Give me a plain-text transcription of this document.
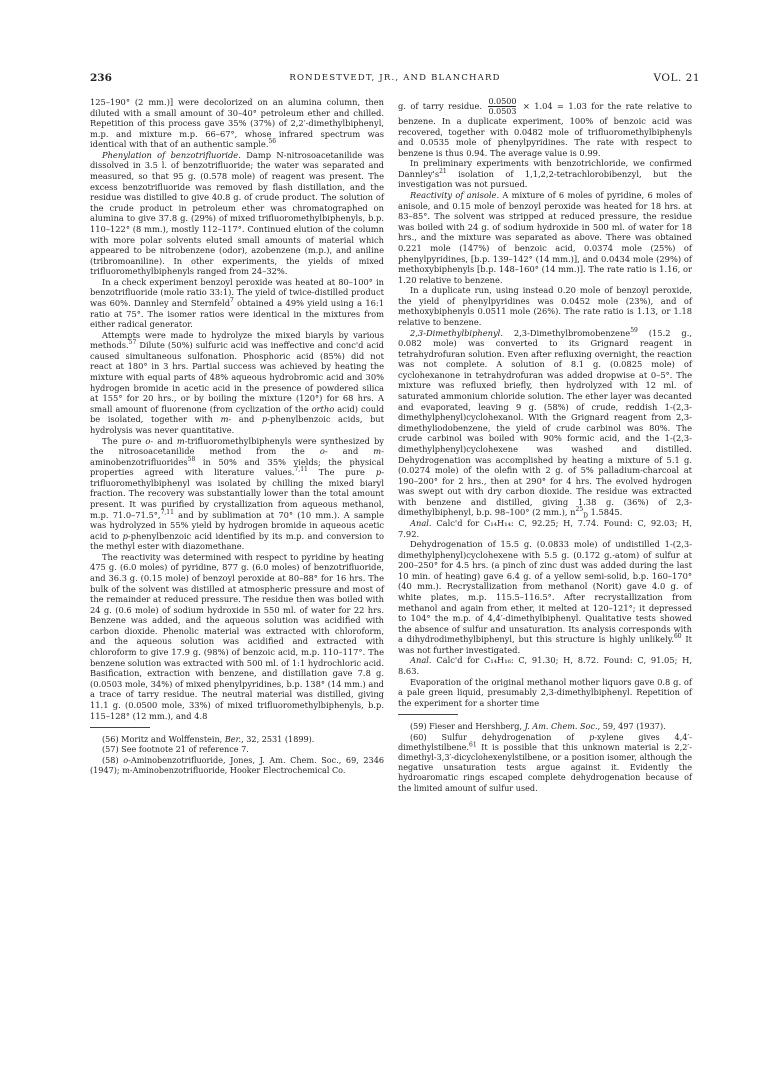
236	RONDESTVEDT, JR., AND BLANCHARD	VOL. 21

125–190° (2 mm.)] were decolorized on an alumina column, then diluted with a small amount of 30–40° petroleum ether and chilled. Repetition of this process gave 35% (37%) of 2,2′-dimethylbiphenyl, m.p. and mixture m.p. 66–67°, whose infrared spectrum was identical with that of an authentic sample.$^{56}$

Phenylation of benzotrifluoride. Damp N-nitrosoacetanilide was dissolved in 3.5 l. of benzotrifluoride; the water was separated and measured, so that 95 g. (0.578 mole) of reagent was present. The excess benzotrifluoride was removed by flash distillation, and the residue was distilled to give 40.8 g. of crude product. The solution of the crude product in petroleum ether was chromatographed on alumina to give 37.8 g. (29%) of mixed trifluoromethylbiphenyls, b.p. 110–122° (8 mm.), mostly 112–117°. Continued elution of the column with more polar solvents eluted small amounts of material which appeared to be nitrobenzene (odor), azobenzene (m.p.), and aniline (tribromoaniline). In other experiments, the yields of mixed trifluoromethylbiphenyls ranged from 24–32%.

In a check experiment benzoyl peroxide was heated at 80–100° in benzotrifluoride (mole ratio 33:1). The yield of twice-distilled product was 60%. Dannley and Sternfeld$^7$ obtained a 49% yield using a 16:1 ratio at 75°. The isomer ratios were identical in the mixtures from either radical generator.

Attempts were made to hydrolyze the mixed biaryls by various methods.$^{57}$ Dilute (50%) sulfuric acid was ineffective and conc'd acid caused simultaneous sulfonation. Phosphoric acid (85%) did not react at 180° in 3 hrs. Partial success was achieved by heating the mixture with equal parts of 48% aqueous hydrobromic acid and 30% hydrogen bromide in acetic acid in the presence of powdered silica at 155° for 20 hrs., or by boiling the mixture (120°) for 68 hrs. A small amount of fluorenone (from cyclization of the ortho acid) could be isolated, together with m- and p-phenylbenzoic acids, but hydrolysis was never quantitative.

The pure o- and m-trifluoromethylbiphenyls were synthesized by the nitrosoacetanilide method from the o- and m-aminobenzotrifluorides$^{58}$ in 50% and 35% yields; the physical properties agreed with literature values.$^{7,11}$ The pure p-trifluoromethylbiphenyl was isolated by chilling the mixed biaryl fraction. The recovery was substantially lower than the total amount present. It was purified by crystallization from aqueous methanol, m.p. 71.0–71.5°,$^{7,11}$ and by sublimation at 70° (10 mm.). A sample was hydrolyzed in 55% yield by hydrogen bromide in aqueous acetic acid to p-phenylbenzoic acid identified by its m.p. and conversion to the methyl ester with diazomethane.

The reactivity was determined with respect to pyridine by heating 475 g. (6.0 moles) of pyridine, 877 g. (6.0 moles) of benzotrifluoride, and 36.3 g. (0.15 mole) of benzoyl peroxide at 80–88° for 16 hrs. The bulk of the solvent was distilled at atmospheric pressure and most of the remainder at reduced pressure. The residue then was boiled with 24 g. (0.6 mole) of sodium hydroxide in 550 ml. of water for 22 hrs. Benzene was added, and the aqueous solution was acidified with carbon dioxide. Phenolic material was extracted with chloroform, and the aqueous solution was acidified and extracted with chloroform to give 17.9 g. (98%) of benzoic acid, m.p. 110–117°. The benzene solution was extracted with 500 ml. of 1:1 hydrochloric acid. Basification, extraction with benzene, and distillation gave 7.8 g. (0.0503 mole, 34%) of mixed phenylpyridines, b.p. 138° (14 mm.) and a trace of tarry residue. The neutral material was distilled, giving 11.1 g. (0.0500 mole, 33%) of mixed trifluoromethylbiphenyls, b.p. 115–128° (12 mm.), and 4.8

(56) Moritz and Wolffenstein, Ber., 32, 2531 (1899).

(57) See footnote 21 of reference 7.

(58) o-Aminobenzotrifluoride, Jones, J. Am. Chem. Soc., 69, 2346 (1947); m-Aminobenzotrifluoride, Hooker Electrochemical Co.

g. of tarry residue. $\frac{0.0500}{0.0503} \times 1.04 = 1.03$ for the rate relative to benzene. In a duplicate experiment, 100% of benzoic acid was recovered, together with 0.0482 mole of trifluoromethylbiphenyls and 0.0535 mole of phenylpyridines. The rate with respect to benzene is thus 0.94. The average value is 0.99.

In preliminary experiments with benzotrichloride, we confirmed $Dannley's^{21}$ isolation of 1,1,2,2-tetrachlorobibenzyl, but the investigation was not pursued.

Reactivity of anisole. A mixture of 6 moles of pyridine, 6 moles of anisole, and 0.15 mole of benzoyl peroxide was heated for 18 hrs. at 83–85°. The solvent was stripped at reduced pressure, the residue was boiled with 24 g. of sodium hydroxide in 500 ml. of water for 18 hrs., and the mixture was separated as above. There was obtained 0.221 mole (147%) of benzoic acid, 0.0374 mole (25%) of phenylpyridines, [b.p. 139–142° (14 mm.)], and 0.0434 mole (29%) of methoxybiphenyls [b.p. 148–160° (14 mm.)]. The rate ratio is 1.16, or 1.20 relative to benzene.

In a duplicate run, using instead 0.20 mole of benzoyl peroxide, the yield of phenylpyridines was 0.0452 mole (23%), and of methoxybiphenyls 0.0511 mole (26%). The rate ratio is 1.13, or 1.18 relative to benzene.

2,3-Dimethylbiphenyl. 2,3-Dimethylbromobenzene$^{59}$ (15.2 g., 0.082 mole) was converted to its Grignard reagent in tetrahydrofuran solution. Even after refluxing overnight, the reaction was not complete. A solution of 8.1 g. (0.0825 mole) of cyclohexanone in tetrahydrofuran was added dropwise at 0–5°. The mixture was refluxed briefly, then hydrolyzed with 12 ml. of saturated ammonium chloride solution. The ether layer was decanted and evaporated, leaving 9 g. (58%) of crude, reddish 1-(2,3-dimethylphenyl)cyclohexanol. With the Grignard reagent from 2,3-dimethyliodobenzene, the yield of crude carbinol was 80%. The crude carbinol was boiled with 90% formic acid, and the 1-(2,3-dimethylphenyl)cyclohexene was washed and distilled. Dehydrogenation was accomplished by heating a mixture of 5.1 g. (0.0274 mole) of the olefin with 2 g. of 5% palladium-charcoal at 190–200° for 2 hrs., then at 290° for 4 hrs. The evolved hydrogen was swept out with dry carbon dioxide. The residue was extracted with benzene and distilled, giving 1.38 g. (36%) of 2,3-dimethylbiphenyl, b.p. 98–100° (2 mm.), $n^{25}_D$ 1.5845.

Anal. Calc'd for C₁₄H₁₄: C, 92.25; H, 7.74. Found: C, 92.03; H, 7.92.

Dehydrogenation of 15.5 g. (0.0833 mole) of undistilled 1-(2,3-dimethylphenyl)cyclohexene with 5.5 g. (0.172 g.-atom) of sulfur at 200–250° for 4.5 hrs. (a pinch of zinc dust was added during the last 10 min. of heating) gave 6.4 g. of a yellow semi-solid, b.p. 160–170° (40 mm.). Recrystallization from methanol (Norit) gave 4.0 g. of white plates, m.p. 115.5–116.5°. After recrystallization from methanol and again from ether, it melted at 120–121°; it depressed to 104° the m.p. of 4,4′-dimethylbiphenyl. Qualitative tests showed the absence of sulfur and unsaturation. Its analysis corresponds with a dihydrodimethylbiphenyl, but this structure is highly unlikely.$^{60}$ It was not further investigated.

Anal. Calc'd for C₁₄H₁₆: C, 91.30; H, 8.72. Found: C, 91.05; H, 8.63.

Evaporation of the original methanol mother liquors gave 0.8 g. of a pale green liquid, presumably 2,3-dimethylbiphenyl. Repetition of the experiment for a shorter time

(59) Fieser and Hershberg, J. Am. Chem. Soc., 59, 497 (1937).

(60) Sulfur dehydrogenation of p-xylene gives 4,4′-dimethylstilbene.$^{61}$ It is possible that this unknown material is 2,2′-dimethyl-3,3′-dicyclohexenylstilbene, or a position isomer, although the negative unsaturation tests argue against it. Evidently the hydroaromatic rings escaped complete dehydrogenation because of the limited amount of sulfur used.
